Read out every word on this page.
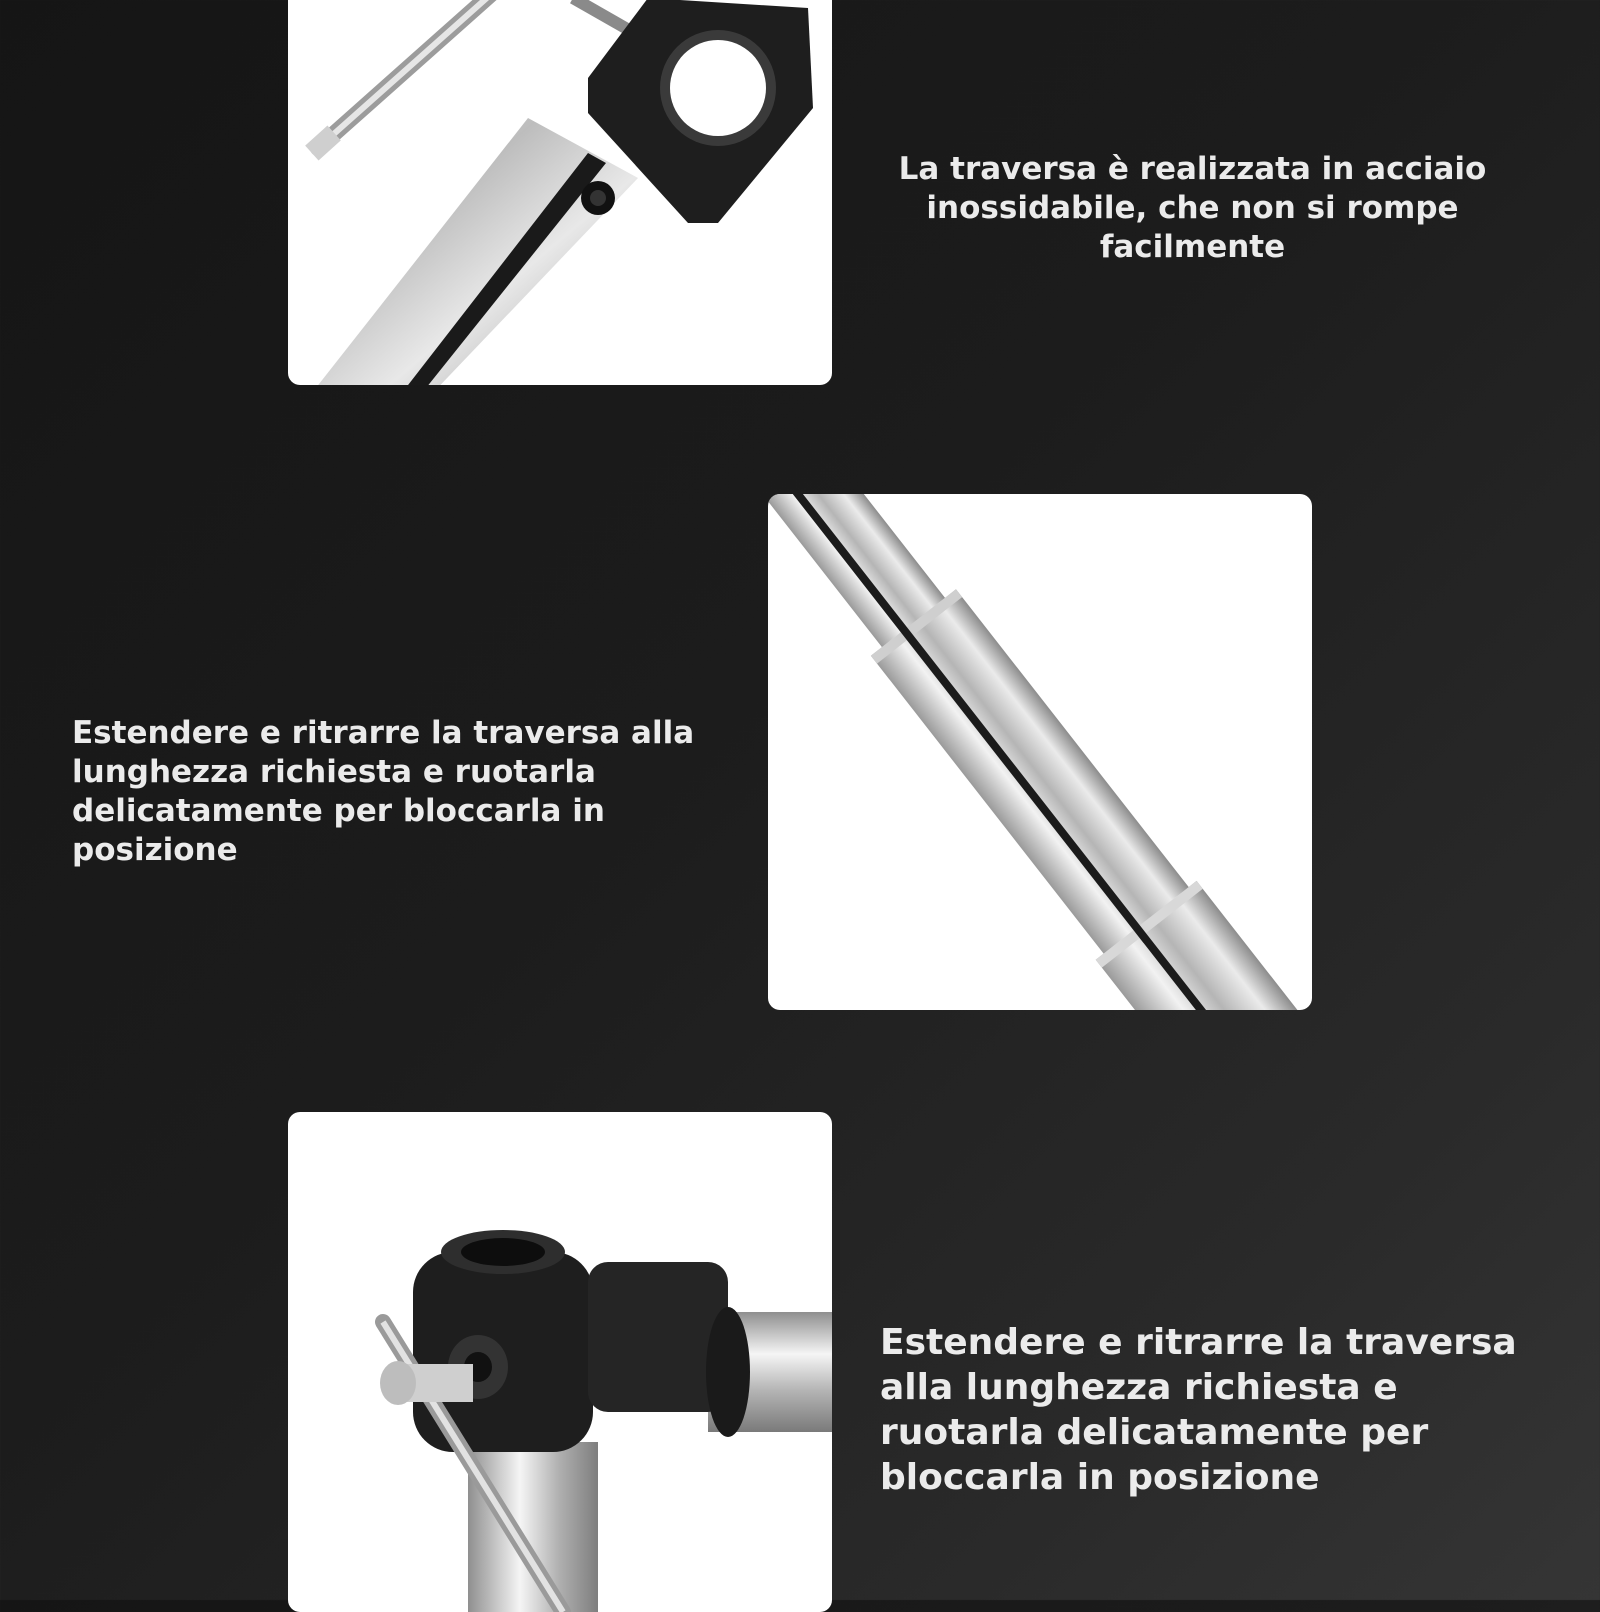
La traversa è realizzata in acciaio inossidabile, che non si rompe facilmente

Estendere e ritrarre la traversa alla lunghezza richiesta e ruotarla delicatamente per bloccarla in posizione

Estendere e ritrarre la traversa alla lunghezza richiesta e ruotarla delicatamente per bloccarla in posizione
